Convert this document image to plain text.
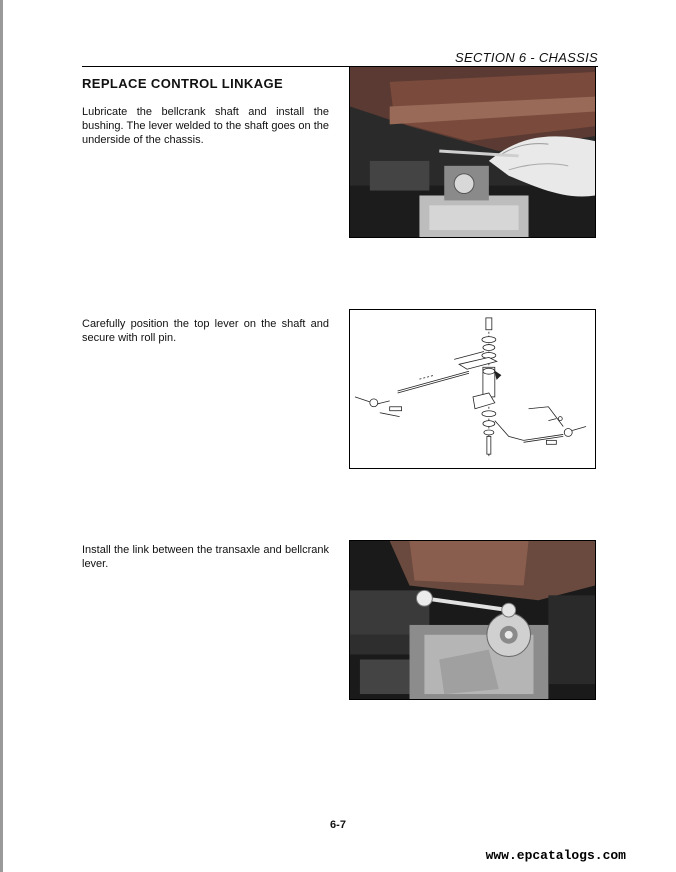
SECTION 6 - CHASSIS
REPLACE CONTROL LINKAGE
Lubricate the bellcrank shaft and install the bushing. The lever welded to the shaft goes on the underside of the chassis.
Carefully position the top lever on the shaft and secure with roll pin.
Install the link between the transaxle and bellcrank lever.
6-7
www.epcatalogs.com
